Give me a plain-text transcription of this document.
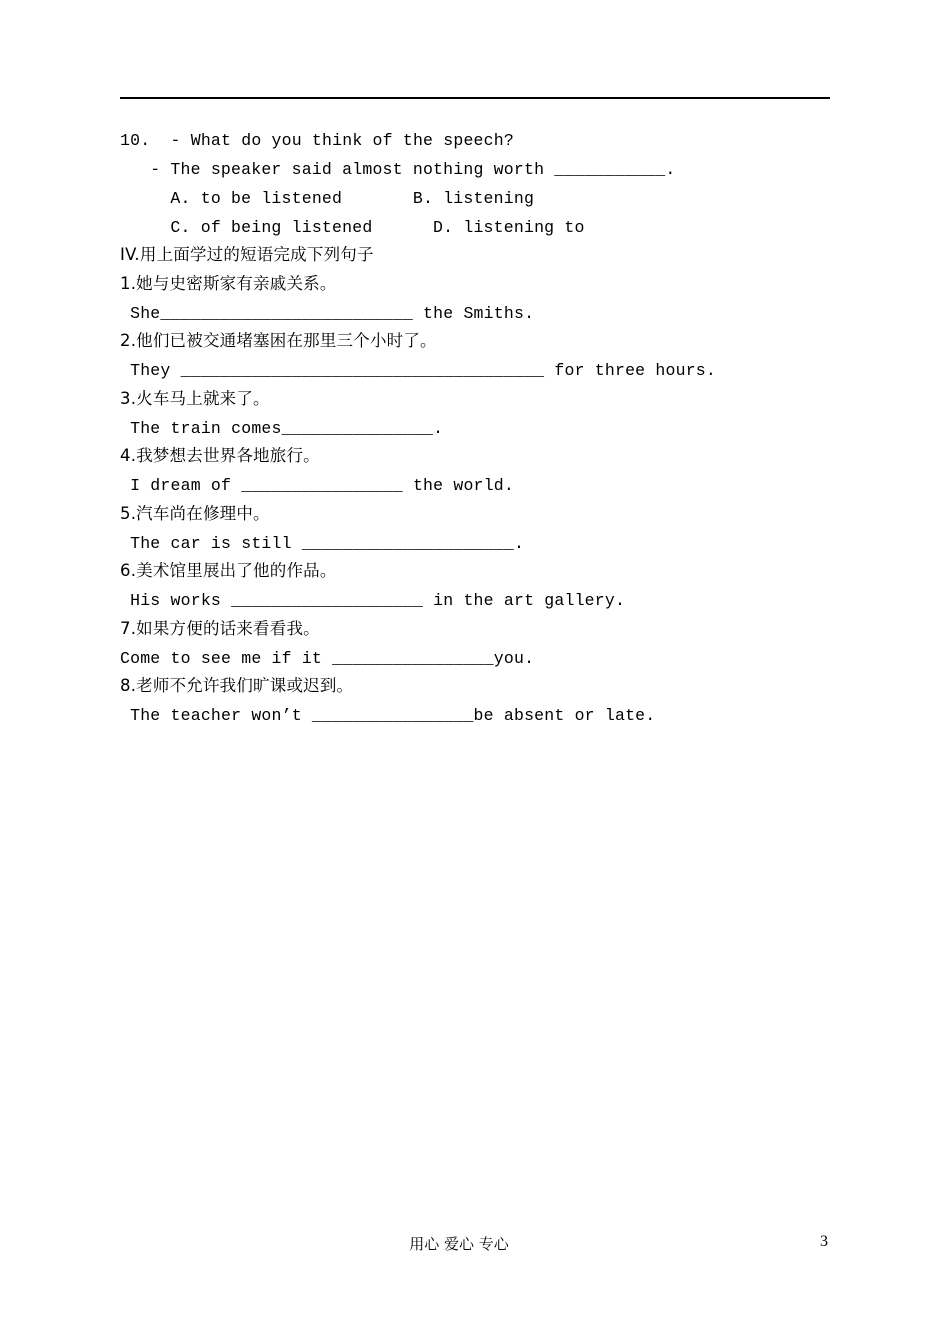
10.  - What do you think of the speech?
- The speaker said almost nothing worth ___________.
A. to be listened       B. listening
C. of being listened      D. listening to
IV.用上面学过的短语完成下列句子
1.她与史密斯家有亲戚关系。
She_________________________ the Smiths.
2.他们已被交通堵塞困在那里三个小时了。
They ____________________________________ for three hours.
3.火车马上就来了。
The train comes_______________.
4.我梦想去世界各地旅行。
I dream of ________________ the world.
5.汽车尚在修理中。
The car is still _____________________.
6.美术馆里展出了他的作品。
His works ___________________ in the art gallery.
7.如果方便的话来看看我。
Come to see me if it ________________you.
8.老师不允许我们旷课或迟到。
The teacher won’t ________________be absent or late.
用心 爱心 专心	3
